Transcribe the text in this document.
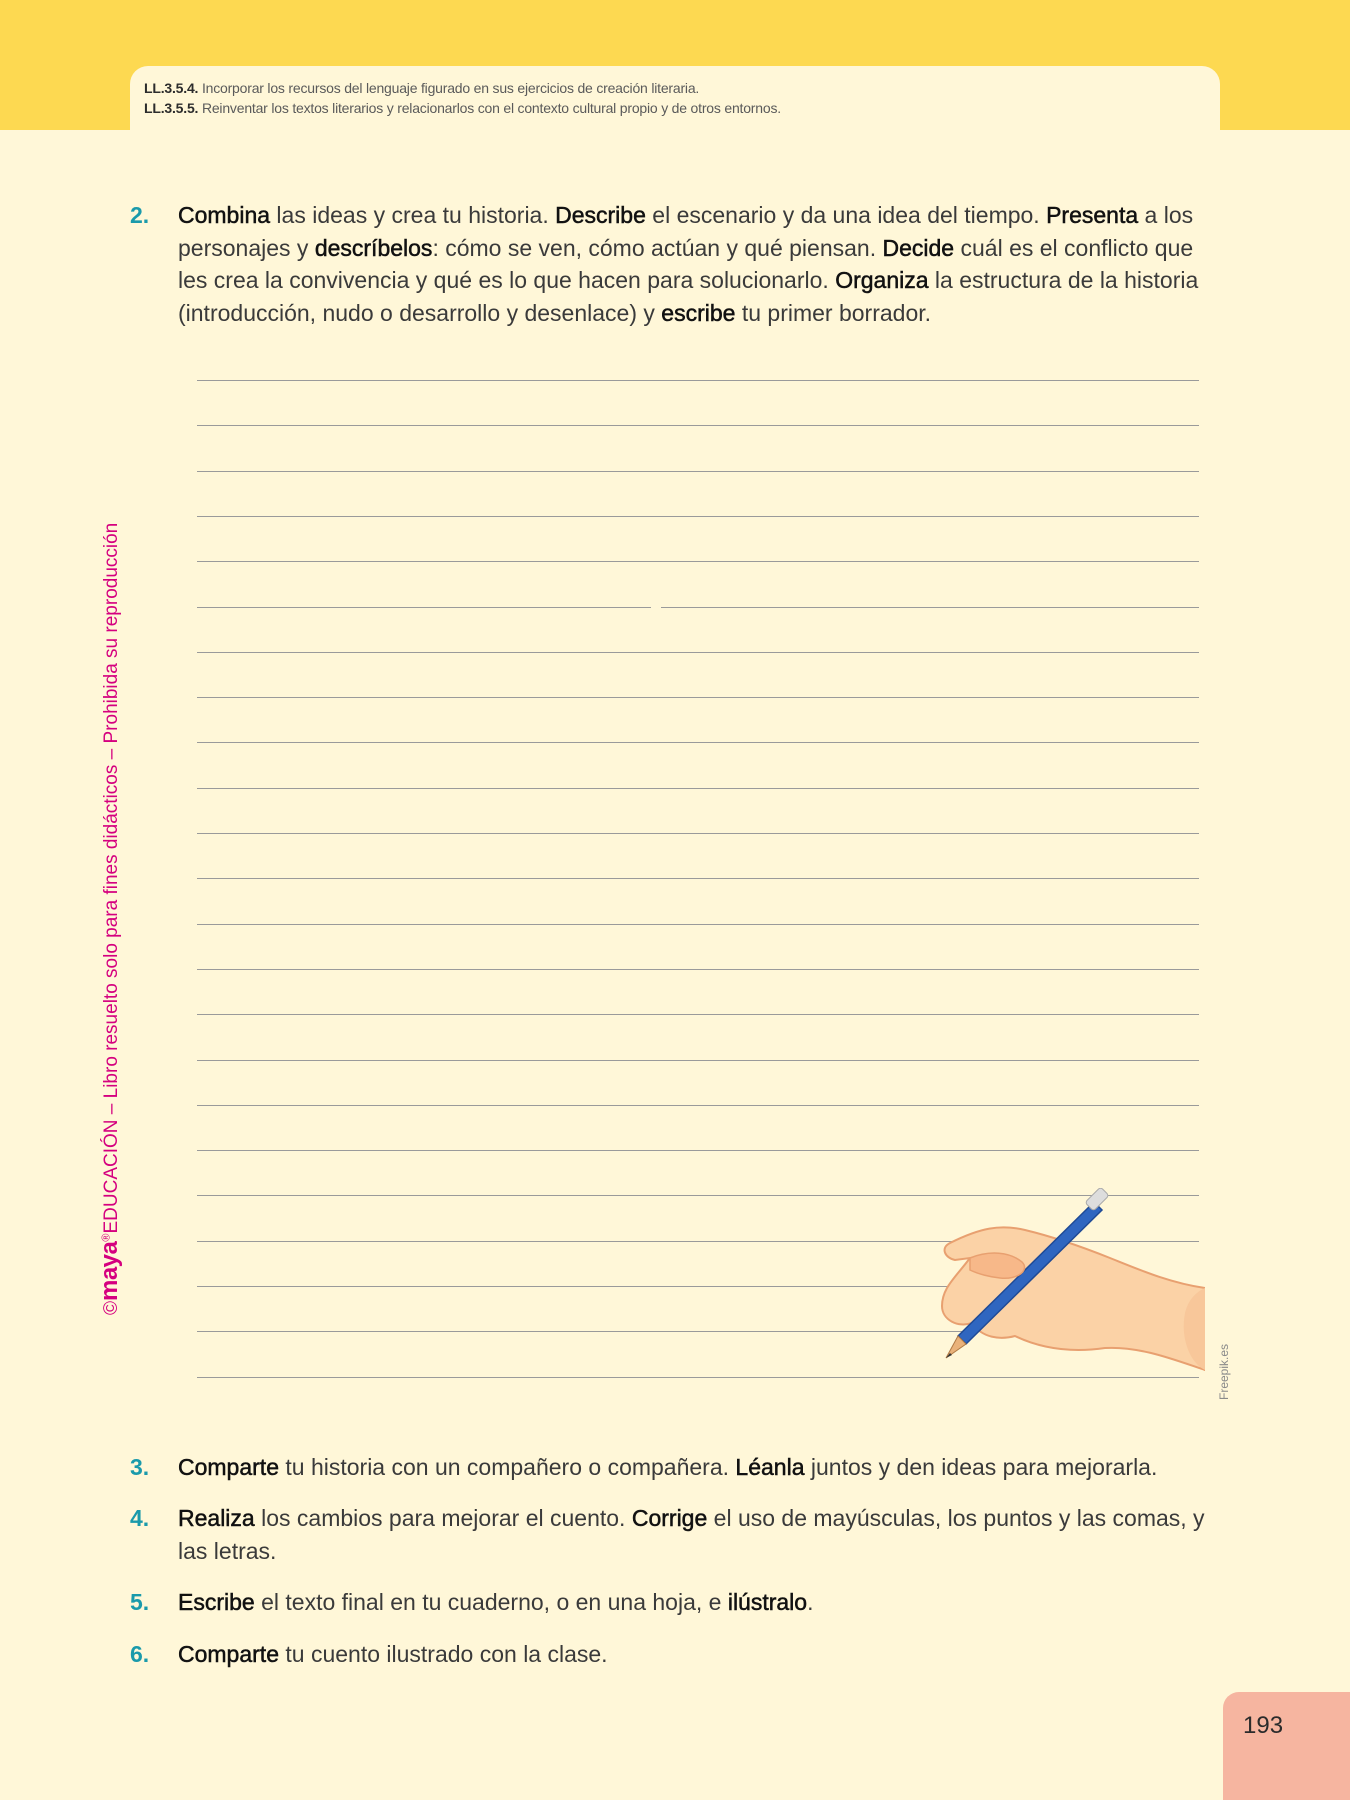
LL.3.5.4. Incorporar los recursos del lenguaje figurado en sus ejercicios de creación literaria.
LL.3.5.5. Reinventar los textos literarios y relacionarlos con el contexto cultural propio y de otros entornos.
©maya®EDUCACIÓN – Libro resuelto solo para fines didácticos – Prohibida su reproducción
2.	Combina las ideas y crea tu historia. Describe el escenario y da una idea del tiempo. Presenta a los personajes y descríbelos: cómo se ven, cómo actúan y qué piensan. Decide cuál es el conflicto que les crea la convivencia y qué es lo que hacen para solucionarlo. Organiza la estructura de la historia (introducción, nudo o desarrollo y desenlace) y escribe tu primer borrador.
Freepik.es
3.	Comparte tu historia con un compañero o compañera. Léanla juntos y den ideas para mejorarla.
4.	Realiza los cambios para mejorar el cuento. Corrige el uso de mayúsculas, los puntos y las comas, y las letras.
5.	Escribe el texto final en tu cuaderno, o en una hoja, e ilústralo.
6.	Comparte tu cuento ilustrado con la clase.
193
